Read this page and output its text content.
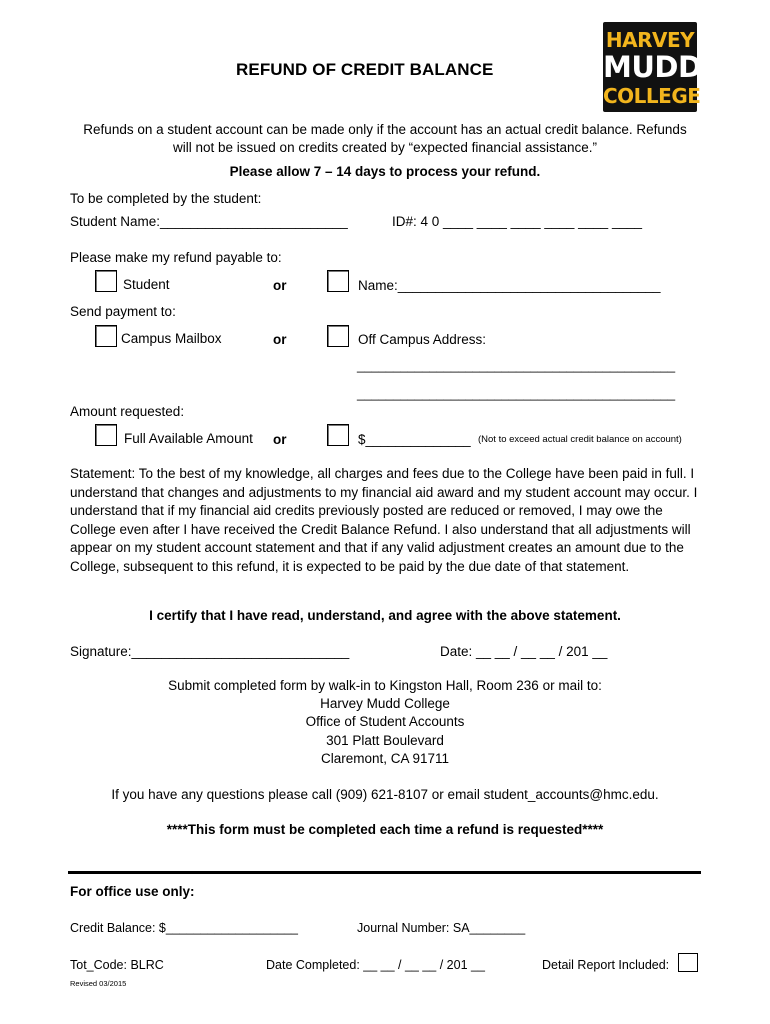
HARVEY
MUDD
COLLEGE
REFUND OF CREDIT BALANCE
Refunds on a student account can be made only if the account has an actual credit balance. Refunds
will not be issued on credits created by “expected financial assistance.”
Please allow 7 – 14 days to process your refund.
To be completed by the student:
Student Name:_________________________	ID#: 4 0 ____ ____ ____ ____ ____ ____
Please make my refund payable to:
Student	or	Name:___________________________________
Send payment to:
Campus Mailbox	or	Off Campus Address:
____________________________________________
____________________________________________
Amount requested:
Full Available Amount or	$______________ (Not to exceed actual credit balance on account)
Statement: To the best of my knowledge, all charges and fees due to the College have been paid in full. I understand that changes and adjustments to my financial aid award and my student account may occur. I understand that if my financial aid credits previously posted are reduced or removed, I may owe the College even after I have received the Credit Balance Refund. I also understand that all adjustments will appear on my student account statement and that if any valid adjustment creates an amount due to the College, subsequent to this refund, it is expected to be paid by the due date of that statement.
I certify that I have read, understand, and agree with the above statement.
Signature:_____________________________	Date: __ __ / __ __ / 201 __
Submit completed form by walk-in to Kingston Hall, Room 236 or mail to:
Harvey Mudd College
Office of Student Accounts
301 Platt Boulevard
Claremont, CA 91711
If you have any questions please call (909) 621-8107 or email student_accounts@hmc.edu.
****This form must be completed each time a refund is requested****
For office use only:
Credit Balance: $___________________	Journal Number: SA________
Tot_Code: BLRC	Date Completed: __ __ / __ __ / 201 __	Detail Report Included:
Revised 03/2015
